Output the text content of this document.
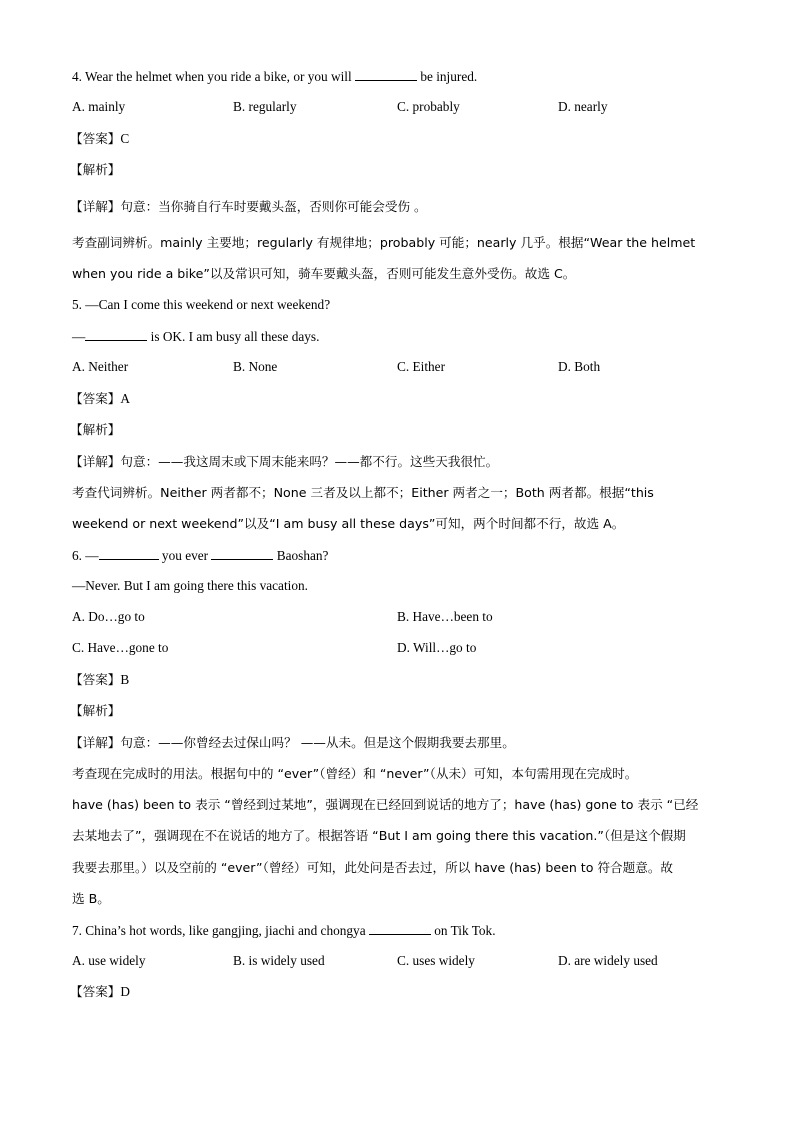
4. Wear the helmet when you ride a bike, or you will	be injured.
A. mainly	B. regularly	C. probably	D. nearly
【答案】C
【解析】
【详解】句意：当你骑自行车时要戴头盔，否则你可能会受伤 。
考查副词辨析。mainly 主要地；regularly 有规律地；probably 可能；nearly 几乎。根据“Wear the helmet
when you ride a bike”以及常识可知，骑车要戴头盔，否则可能发生意外受伤。故选 C。
5. —Can I come this weekend or next weekend?
—	is OK. I am busy all these days.
A. Neither	B. None	C. Either	D. Both
【答案】A
【解析】
【详解】句意：——我这周末或下周末能来吗？——都不行。这些天我很忙。
考查代词辨析。Neither 两者都不；None 三者及以上都不；Either 两者之一；Both 两者都。根据“this
weekend or next weekend”以及“I am busy all these days”可知，两个时间都不行，故选 A。
6. —	you ever	Baoshan?
—Never. But I am going there this vacation.
A. Do…go to	B. Have…been to
C. Have…gone to	D. Will…go to
【答案】B
【解析】
【详解】句意：——你曾经去过保山吗？ ——从未。但是这个假期我要去那里。
考查现在完成时的用法。根据句中的 “ever”（曾经）和 “never”（从未）可知，本句需用现在完成时。
have (has) been to 表示 “曾经到过某地”，强调现在已经回到说话的地方了；have (has) gone to 表示 “已经
去某地去了”，强调现在不在说话的地方了。根据答语 “But I am going there this vacation.”（但是这个假期
我要去那里。）以及空前的 “ever”（曾经）可知，此处问是否去过，所以 have (has) been to 符合题意。故
选 B。
7. China’s hot words, like gangjing, jiachi and chongya	on Tik Tok.
A. use widely	B. is widely used	C. uses widely	D. are widely used
【答案】D
